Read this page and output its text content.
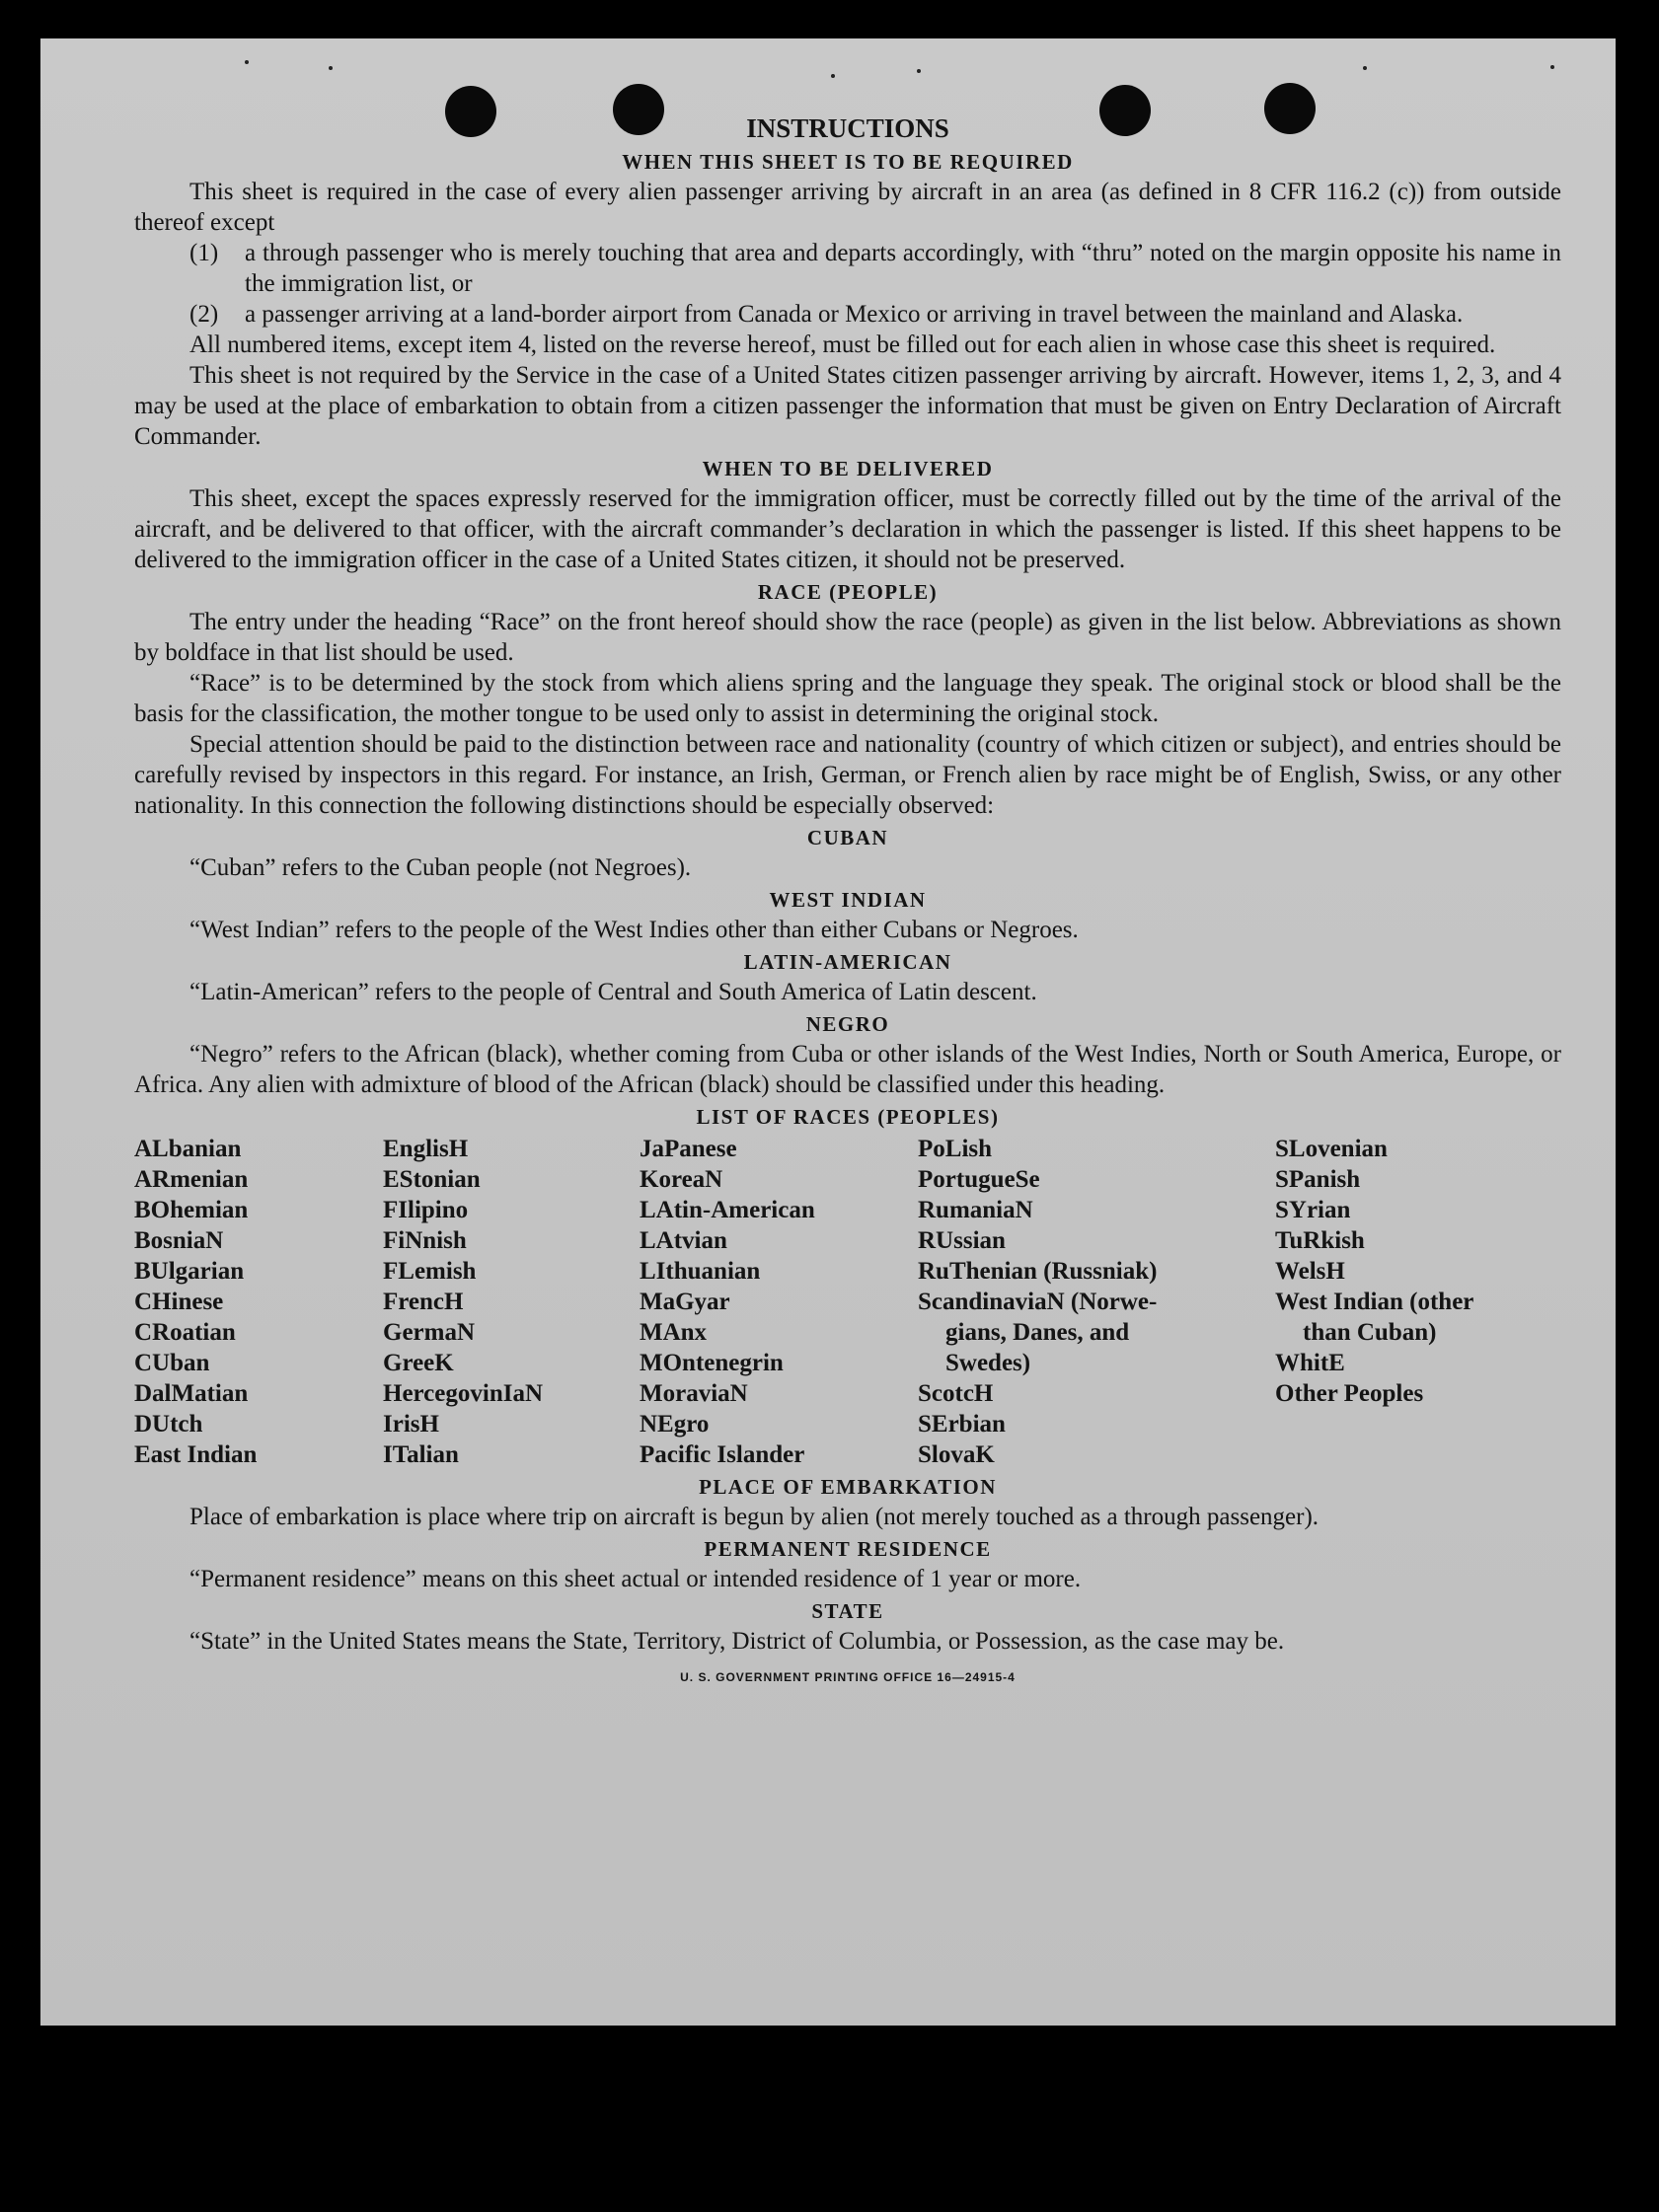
INSTRUCTIONS
WHEN THIS SHEET IS TO BE REQUIRED

This sheet is required in the case of every alien passenger arriving by aircraft in an area (as defined in 8 CFR 116.2 (c)) from outside thereof except

(1)	a through passenger who is merely touching that area and departs accordingly, with “thru” noted on the margin opposite his name in the immigration list, or
(2)	a passenger arriving at a land-border airport from Canada or Mexico or arriving in travel between the mainland and Alaska.

All numbered items, except item 4, listed on the reverse hereof, must be filled out for each alien in whose case this sheet is required.

This sheet is not required by the Service in the case of a United States citizen passenger arriving by aircraft. However, items 1, 2, 3, and 4 may be used at the place of embarkation to obtain from a citizen passenger the information that must be given on Entry Declaration of Aircraft Commander.

WHEN TO BE DELIVERED

This sheet, except the spaces expressly reserved for the immigration officer, must be correctly filled out by the time of the arrival of the aircraft, and be delivered to that officer, with the aircraft commander’s declaration in which the passenger is listed. If this sheet happens to be delivered to the immigration officer in the case of a United States citizen, it should not be preserved.

RACE (PEOPLE)

The entry under the heading “Race” on the front hereof should show the race (people) as given in the list below. Abbreviations as shown by boldface in that list should be used.

“Race” is to be determined by the stock from which aliens spring and the language they speak. The original stock or blood shall be the basis for the classification, the mother tongue to be used only to assist in determining the original stock.

Special attention should be paid to the distinction between race and nationality (country of which citizen or subject), and entries should be carefully revised by inspectors in this regard. For instance, an Irish, German, or French alien by race might be of English, Swiss, or any other nationality. In this connection the following distinctions should be especially observed:

CUBAN

“Cuban” refers to the Cuban people (not Negroes).

WEST INDIAN

“West Indian” refers to the people of the West Indies other than either Cubans or Negroes.

LATIN-AMERICAN

“Latin-American” refers to the people of Central and South America of Latin descent.

NEGRO

“Negro” refers to the African (black), whether coming from Cuba or other islands of the West Indies, North or South America, Europe, or Africa. Any alien with admixture of blood of the African (black) should be classified under this heading.

LIST OF RACES (PEOPLES)
ALbanian
ARmenian
BOhemian
BosniaN
BUlgarian
CHinese
CRoatian
CUban
DalMatian
DUtch
East Indian
EnglisH
EStonian
FIlipino
FiNnish
FLemish
FrencH
GermaN
GreeK
HercegovinIaN
IrisH
ITalian
JaPanese
KoreaN
LAtin-American
LAtvian
LIthuanian
MaGyar
MAnx
MOntenegrin
MoraviaN
NEgro
Pacific Islander
PoLish
PortugueSe
RumaniaN
RUssian
RuThenian (Russniak)
ScandinaviaN (Norwe-
gians, Danes, and
Swedes)
ScotcH
SErbian
SlovaK
SLovenian
SPanish
SYrian
TuRkish
WelsH
West Indian (other
than Cuban)
WhitE
Other Peoples
PLACE OF EMBARKATION

Place of embarkation is place where trip on aircraft is begun by alien (not merely touched as a through passenger).

PERMANENT RESIDENCE

“Permanent residence” means on this sheet actual or intended residence of 1 year or more.

STATE

“State” in the United States means the State, Territory, District of Columbia, or Possession, as the case may be.

U. S. GOVERNMENT PRINTING OFFICE 16—24915-4
